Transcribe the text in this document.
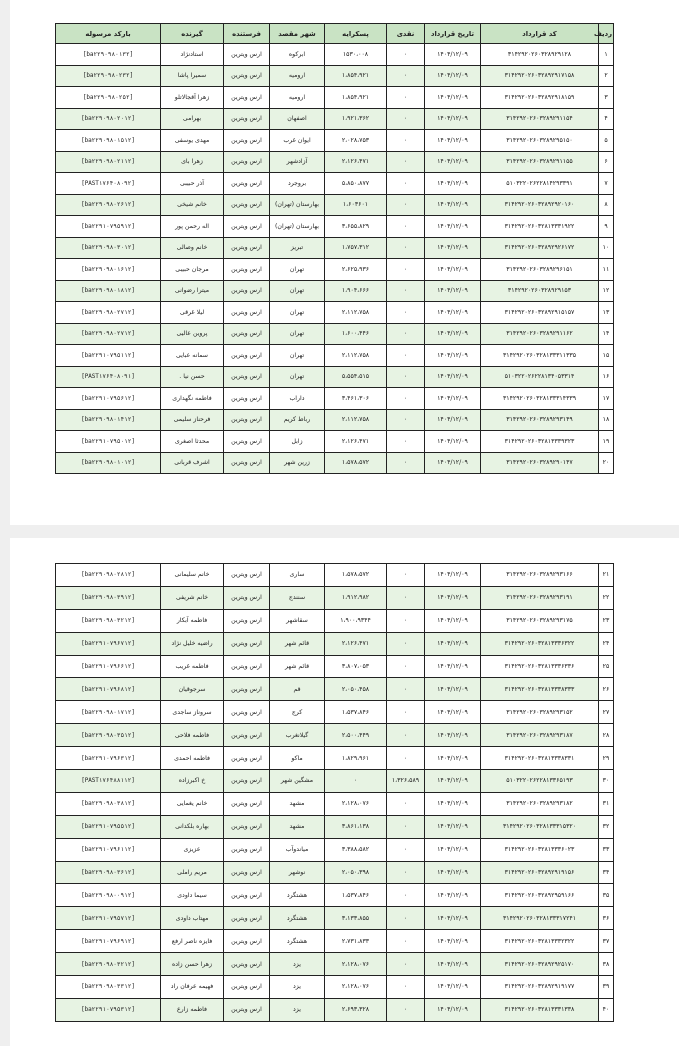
ردیف	کد قرارداد	تاریخ قرارداد	نقدی	پسکرایه	شهر مقصد	فرستنده	گیرنده	بارکد مرسوله
۱	۳۱۴۲۹۲۰۲۶۰۳۲۸۹۲۹۱۲۸	۱۴۰۴/۱۲/۰۹	۰	۱۵۳۰،۰۰۸	ابرکوه	ارس ویترین	استادنژاد	[ba۲۲۹۰۹۸۰۱۳۲]
۲	۳۱۴۲۹۲۰۲۶۰۳۲۸۹۲۹۱۷۱۵۸	۱۴۰۴/۱۲/۰۹	۰	۱،۸۵۴،۹۲۱	ارومیه	ارس ویترین	سمیرا پاشا	[ba۲۲۹۰۹۸۰۲۳۲]
۳	۳۱۴۲۹۲۰۲۶۰۳۲۸۹۲۹۱۸۱۵۹	۱۴۰۴/۱۲/۰۹	۰	۱،۸۵۴،۹۲۱	ارومیه	ارس ویترین	زهرا آقجالاتلو	[ba۲۲۹۰۹۸۰۲۵۲]
۴	۳۱۴۲۹۲۰۲۶۰۳۲۸۹۲۹۱۱۵۴	۱۴۰۴/۱۲/۰۹	۰	۱،۹۲۱،۳۶۲	اصفهان	ارس ویترین	بهرامی	[ba۲۲۹۰۹۸۰۲۰۱۲]
۵	۳۱۴۲۹۲۰۲۶۰۳۲۸۹۲۹۵۱۵۰	۱۴۰۴/۱۲/۰۹	۰	۲،۰۲۸،۷۵۳	ایوان غرب	ارس ویترین	مهدی یوسفی	[ba۲۲۹۰۹۸۰۱۵۱۲]
۶	۳۱۴۲۹۲۰۲۶۰۳۲۸۹۲۹۱۱۵۵	۱۴۰۴/۱۲/۰۹	۰	۲،۱۲۶،۴۷۱	آزادشهر	ارس ویترین	زهرا بای	[ba۲۲۹۰۹۸۰۲۱۱۲]
۷	۵۱۰۳۲۲۰۲۶۲۲۸۱۴۲۹۳۳۹۱	۱۴۰۴/۱۲/۰۹	۰	۵،۸۵۰،۸۷۷	بروجرد	ارس ویترین	آذر حبیبی	[PAST۱۷۶۴۰۸۰۹۲]
۸	۳۱۴۲۹۲۰۲۶۰۳۲۸۹۲۹۲۰۱۶۰	۱۴۰۴/۱۲/۰۹	۰	۱،۶۰۳۶۰۱	بهارستان (تهران)	ارس ویترین	خانم شیخی	[ba۲۲۹۰۹۸۰۲۶۱۲]
۹	۳۱۴۲۹۲۰۲۶۰۳۲۸۱۳۳۳۱۹۲۲	۱۴۰۴/۱۲/۰۹	۰	۳،۶۵۵،۸۲۹	بهارستان (تهران)	ارس ویترین	اله رحمن پور	[ba۲۲۹۱۰۷۹۵۹۱۲]
۱۰	۳۱۴۲۹۲۰۲۶۰۳۲۸۹۲۹۲۶۱۷۲	۱۴۰۴/۱۲/۰۹	۰	۱،۷۵۷،۳۱۲	تبریز	ارس ویترین	خانم وصالی	[ba۲۲۹۰۹۸۰۳۰۱۲]
۱۱	۳۱۴۲۹۲۰۲۶۰۳۲۸۹۲۹۶۱۵۱	۱۴۰۴/۱۲/۰۹	۰	۲،۶۲۵،۹۳۶	تهران	ارس ویترین	مرجان حبیبی	[ba۲۲۹۰۹۸۰۱۶۱۲]
۱۲	۳۱۴۲۹۲۰۲۶۰۳۲۸۹۲۹۱۵۳	۱۴۰۴/۱۲/۰۹	۰	۱،۹۰۴،۶۶۶	تهران	ارس ویترین	میترا رضوانی	[ba۲۲۹۰۹۸۰۱۸۱۲]
۱۳	۳۱۴۲۹۲۰۲۶۰۳۲۸۹۲۹۱۵۱۵۷	۱۴۰۴/۱۲/۰۹	۰	۲،۱۱۲،۷۵۸	تهران	ارس ویترین	لیلا غرقی	[ba۲۲۹۰۹۸۰۲۷۱۲]
۱۴	۳۱۴۲۹۲۰۲۶۰۳۲۸۹۲۹۱۱۶۲	۱۴۰۴/۱۲/۰۹	۰	۱،۶۰۰،۴۴۶	تهران	ارس ویترین	پروین عالیی	[ba۲۲۹۰۹۸۰۲۷۱۲]
۱۵	۳۱۴۲۹۲۰۲۶۰۳۲۸۱۳۳۳۱۱۳۳۵	۱۴۰۴/۱۲/۰۹	۰	۲،۱۱۲،۷۵۸	تهران	ارس ویترین	سمانه عبایی	[ba۲۲۹۱۰۷۹۵۱۱۲]
۱۶	۵۱۰۳۲۲۰۲۶۲۲۸۱۳۴۰۵۳۳۱۴	۱۴۰۴/۱۲/۰۹	۰	۵،۵۵۴،۵۱۵	تهران	ارس ویترین	حسن نیا .	[PAST۱۷۶۴۰۸۰۹۱]
۱۷	۳۱۴۲۹۲۰۲۶۰۳۲۸۱۳۳۳۱۴۳۳۹	۱۴۰۴/۱۲/۰۹	۰	۳،۴۶۱،۳۰۶	داراب	ارس ویترین	فاطمه نگهداری	[ba۲۲۹۱۰۷۹۵۶۱۲]
۱۸	۳۱۴۲۹۲۰۲۶۰۳۲۸۹۲۹۳۱۴۹	۱۴۰۴/۱۲/۰۹	۰	۲،۱۱۲،۷۵۸	رباط کریم	ارس ویترین	فرحناز سلیمی	[ba۲۲۹۰۹۸۰۱۴۱۲]
۱۹	۳۱۴۲۹۲۰۲۶۰۳۲۸۱۳۳۳۹۳۲۳	۱۴۰۴/۱۲/۰۹	۰	۲،۱۲۶،۴۷۱	زابل	ارس ویترین	محدثا اصغری	[ba۲۲۹۱۰۷۹۵۰۱۲]
۲۰	۳۱۴۲۹۲۰۲۶۰۳۲۸۹۲۹۰۱۴۷	۱۴۰۴/۱۲/۰۹	۰	۱،۵۷۸،۵۷۲	زرین شهر	ارس ویترین	اشرف قربانی	[ba۲۲۹۰۹۸۰۱۰۱۲]
۲۱	۳۱۴۲۹۲۰۲۶۰۳۲۸۹۲۹۳۱۶۶	۱۴۰۴/۱۲/۰۹	۰	۱،۵۷۸،۵۷۲	ساری	ارس ویترین	خانم سلیمانی	[ba۲۲۹۰۹۸۰۲۸۱۲]
۲۲	۳۱۴۲۹۲۰۲۶۰۳۲۸۹۲۹۳۱۹۱	۱۴۰۴/۱۲/۰۹	۰	۱،۹۱۲،۹۸۲	سنندج	ارس ویترین	خانم شریفی	[ba۲۲۹۰۹۸۰۳۹۱۲]
۲۳	۳۱۴۲۹۲۰۲۶۰۳۲۸۹۲۹۳۱۷۵	۱۴۰۴/۱۲/۰۹	۰	۱،۹۰۰،۹۳۴۴	سقاشهر	ارس ویترین	فاطمه آبکار	[ba۲۲۹۰۹۸۰۳۲۱۲]
۲۴	۳۱۴۲۹۲۰۲۶۰۳۲۸۱۳۳۳۶۳۲۲	۱۴۰۴/۱۲/۰۹	۰	۲،۱۲۶،۴۷۱	قائم شهر	ارس ویترین	راضیه خلیل نژاد	[ba۲۲۹۱۰۷۹۶۷۱۲]
۲۵	۳۱۴۲۹۲۰۲۶۰۳۲۸۱۳۳۳۶۳۳۶	۱۴۰۴/۱۲/۰۹	۰	۳،۸۰۷،۰۵۳	قائم شهر	ارس ویترین	فاطمه غریب	[ba۲۲۹۱۰۷۹۶۶۱۲]
۲۶	۳۱۴۲۹۲۰۲۶۰۳۲۸۱۳۳۳۸۳۳۳	۱۴۰۴/۱۲/۰۹	۰	۲،۰۵۰،۴۵۸	قم	ارس ویترین	سرجوقیان	[ba۲۲۹۱۰۷۹۶۸۱۲]
۲۷	۳۱۴۲۹۲۰۲۶۰۳۲۸۹۲۹۳۱۵۲	۱۴۰۴/۱۲/۰۹	۰	۱،۵۳۷،۸۴۶	کرج	ارس ویترین	سروناز ساجدی	[ba۲۲۹۰۹۸۰۱۷۱۲]
۲۸	۳۱۴۲۹۲۰۲۶۰۳۲۸۹۲۹۳۱۸۷	۱۴۰۴/۱۲/۰۹	۰	۲،۵۰۰،۴۴۹	گیلانغرب	ارس ویترین	فاطمه فلاحی	[ba۲۲۹۰۹۸۰۳۵۱۲]
۲۹	۳۱۴۲۹۲۰۲۶۰۳۲۸۱۳۳۳۸۳۳۱	۱۴۰۴/۱۲/۰۹	۰	۱،۸۲۹،۹۶۱	ماکو	ارس ویترین	فاطمه احمدی	[ba۲۲۹۱۰۷۹۶۳۱۲]
۳۰	۵۱۰۳۲۲۰۲۶۲۲۸۱۳۳۶۵۱۹۳	۱۴۰۴/۱۲/۰۹	۱،۳۲۶،۵۸۹	۰	مشگین شهر	ارس ویترین	خ اکبرزاده	[PAST۱۷۶۴۸۸۱۱۲]
۳۱	۳۱۴۲۹۲۰۲۶۰۳۲۸۹۲۹۳۱۸۲	۱۴۰۴/۱۲/۰۹	۰	۲،۱۲۸،۰۷۶	مشهد	ارس ویترین	خانم یغمایی	[ba۲۲۹۰۹۸۰۳۸۱۲]
۳۲	۳۱۴۲۹۲۰۲۶۰۳۲۸۱۳۳۳۱۵۳۲۰	۱۴۰۴/۱۲/۰۹	۰	۳،۸۶۱،۱۳۸	مشهد	ارس ویترین	بهاره بلکدانی	[ba۲۲۹۱۰۷۹۵۵۱۲]
۳۳	۳۱۴۲۹۲۰۲۶۰۳۲۸۱۳۳۳۶۰۲۳	۱۴۰۴/۱۲/۰۹	۰	۳،۳۸۸،۵۸۲	میاندوآب	ارس ویترین	عزیزی	[ba۲۲۹۱۰۷۹۶۱۱۲]
۳۴	۳۱۴۲۹۲۰۲۶۰۳۲۸۹۲۹۱۹۱۵۶	۱۴۰۴/۱۲/۰۹	۰	۲،۰۵۰،۳۹۸	نوشهر	ارس ویترین	مریم راملی	[ba۲۲۹۰۹۸۰۳۶۱۲]
۳۵	۳۱۴۲۹۲۰۲۶۰۳۲۸۹۲۹۵۹۱۶۶	۱۴۰۴/۱۲/۰۹	۰	۱،۵۳۷،۸۴۶	هشتگرد	ارس ویترین	سیما داودی	[ba۲۲۹۰۹۸۰۰۹۱۲]
۳۶	۳۱۴۲۹۲۰۲۶۰۳۲۸۱۳۳۳۱۷۲۴۱	۱۴۰۴/۱۲/۰۹	۰	۳،۱۳۳،۸۵۵	هشتگرد	ارس ویترین	مهتاب داودی	[ba۲۲۹۱۰۷۹۵۷۱۲]
۳۷	۳۱۴۲۹۲۰۲۶۰۳۲۸۱۳۳۳۲۳۲۲	۱۴۰۴/۱۲/۰۹	۰	۲،۷۳۱،۸۳۳	هشتگرد	ارس ویترین	فایزه ناصر ارفع	[ba۲۲۹۱۰۷۹۶۹۱۲]
۳۸	۳۱۴۲۹۲۰۲۶۰۳۲۸۹۲۹۲۵۱۷۰	۱۴۰۴/۱۲/۰۹	۰	۲،۱۲۸،۰۷۶	یزد	ارس ویترین	زهرا حسن زاده	[ba۲۲۹۰۹۸۰۳۲۱۲]
۳۹	۳۱۴۲۹۲۰۲۶۰۳۲۸۹۲۹۱۹۱۷۷	۱۴۰۴/۱۲/۰۹	۰	۲،۱۲۸،۰۷۶	یزد	ارس ویترین	فهیمه عرفان راد	[ba۲۲۹۰۹۸۰۳۳۱۲]
۴۰	۳۱۴۲۹۲۰۲۶۰۳۲۸۱۳۳۳۱۳۳۸	۱۴۰۴/۱۲/۰۹	۰	۲،۶۹۳،۳۲۸	یزد	ارس ویترین	فاطمه زارع	[ba۲۲۹۱۰۷۹۵۳۱۲]
